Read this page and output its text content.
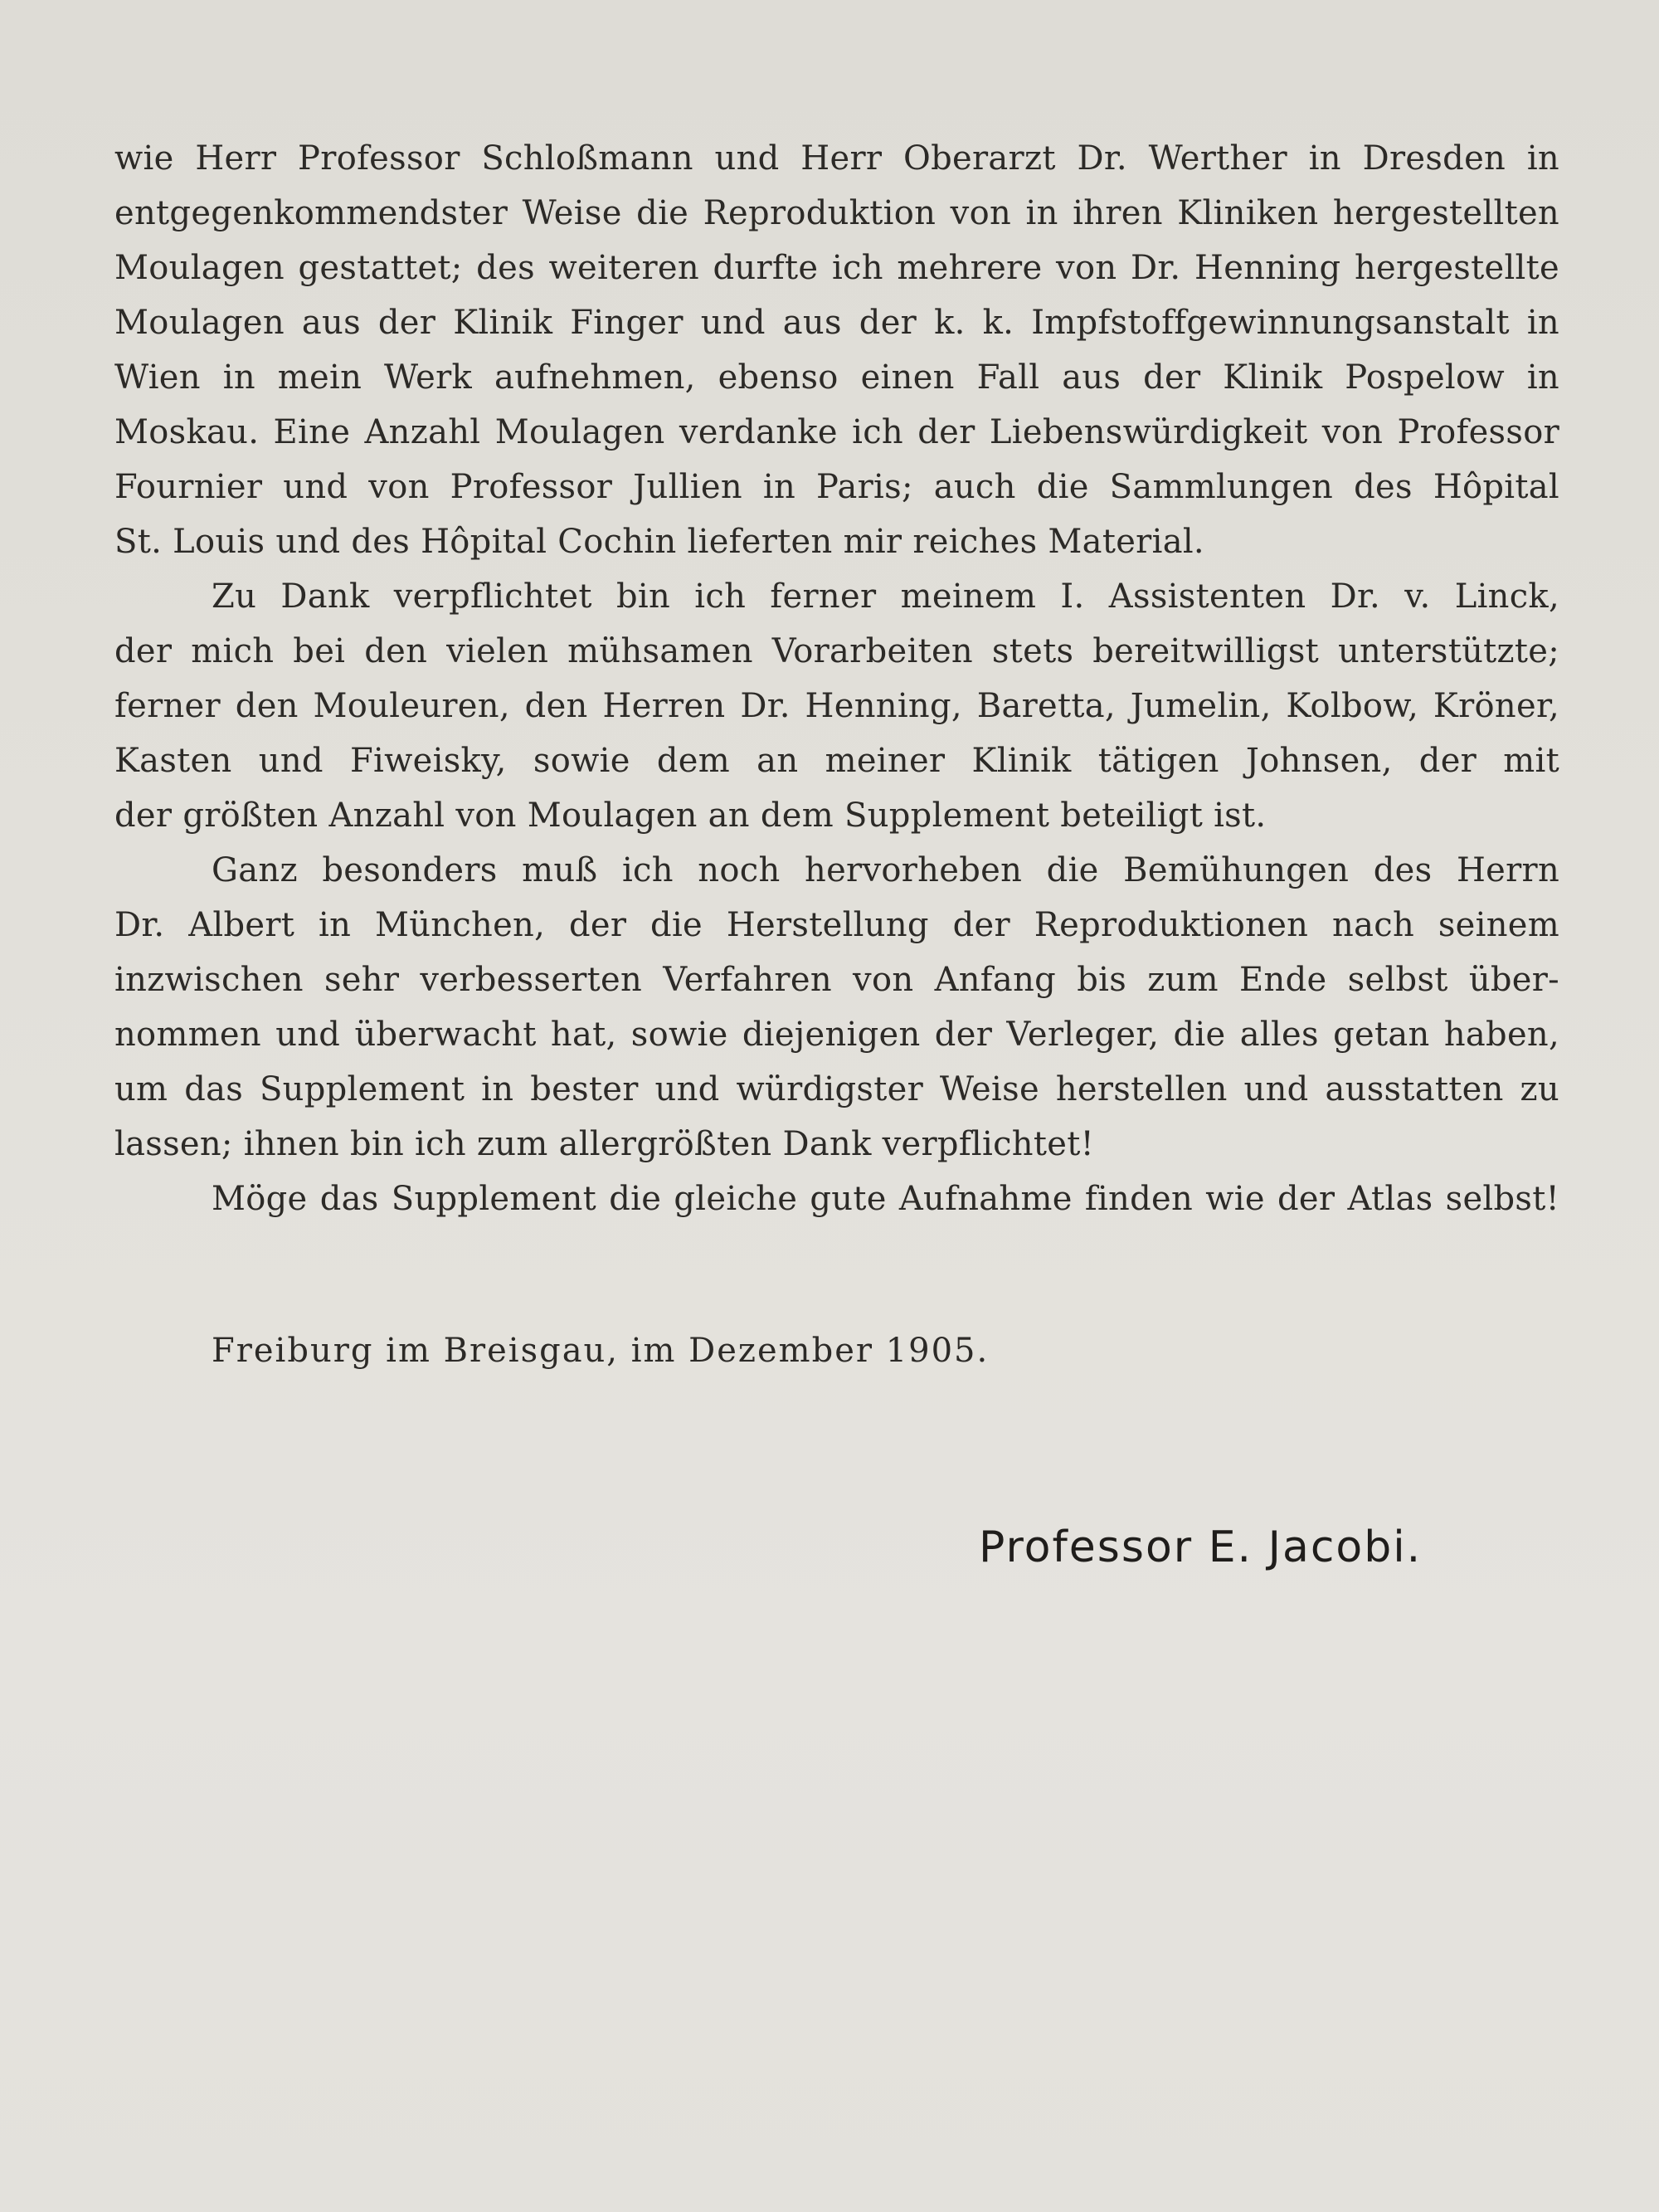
wie Herr Professor Schloßmann und Herr Oberarzt Dr. Werther in Dresden in
entgegenkommendster Weise die Reproduktion von in ihren Kliniken hergestellten
Moulagen gestattet; des weiteren durfte ich mehrere von Dr. Henning hergestellte
Moulagen aus der Klinik Finger und aus der k. k. Impfstoffgewinnungsanstalt in
Wien in mein Werk aufnehmen, ebenso einen Fall aus der Klinik Pospelow in
Moskau. Eine Anzahl Moulagen verdanke ich der Liebenswürdigkeit von Professor
Fournier und von Professor Jullien in Paris; auch die Sammlungen des Hôpital
St. Louis und des Hôpital Cochin lieferten mir reiches Material.
Zu Dank verpflichtet bin ich ferner meinem I. Assistenten Dr. v. Linck,
der mich bei den vielen mühsamen Vorarbeiten stets bereitwilligst unterstützte;
ferner den Mouleuren, den Herren Dr. Henning, Baretta, Jumelin, Kolbow, Kröner,
Kasten und Fiweisky, sowie dem an meiner Klinik tätigen Johnsen, der mit
der größten Anzahl von Moulagen an dem Supplement beteiligt ist.
Ganz besonders muß ich noch hervorheben die Bemühungen des Herrn
Dr. Albert in München, der die Herstellung der Reproduktionen nach seinem
inzwischen sehr verbesserten Verfahren von Anfang bis zum Ende selbst über-
nommen und überwacht hat, sowie diejenigen der Verleger, die alles getan haben,
um das Supplement in bester und würdigster Weise herstellen und ausstatten zu
lassen; ihnen bin ich zum allergrößten Dank verpflichtet!
Möge das Supplement die gleiche gute Aufnahme finden wie der Atlas selbst!
Freiburg im Breisgau, im Dezember 1905.
Professor E. Jacobi.
